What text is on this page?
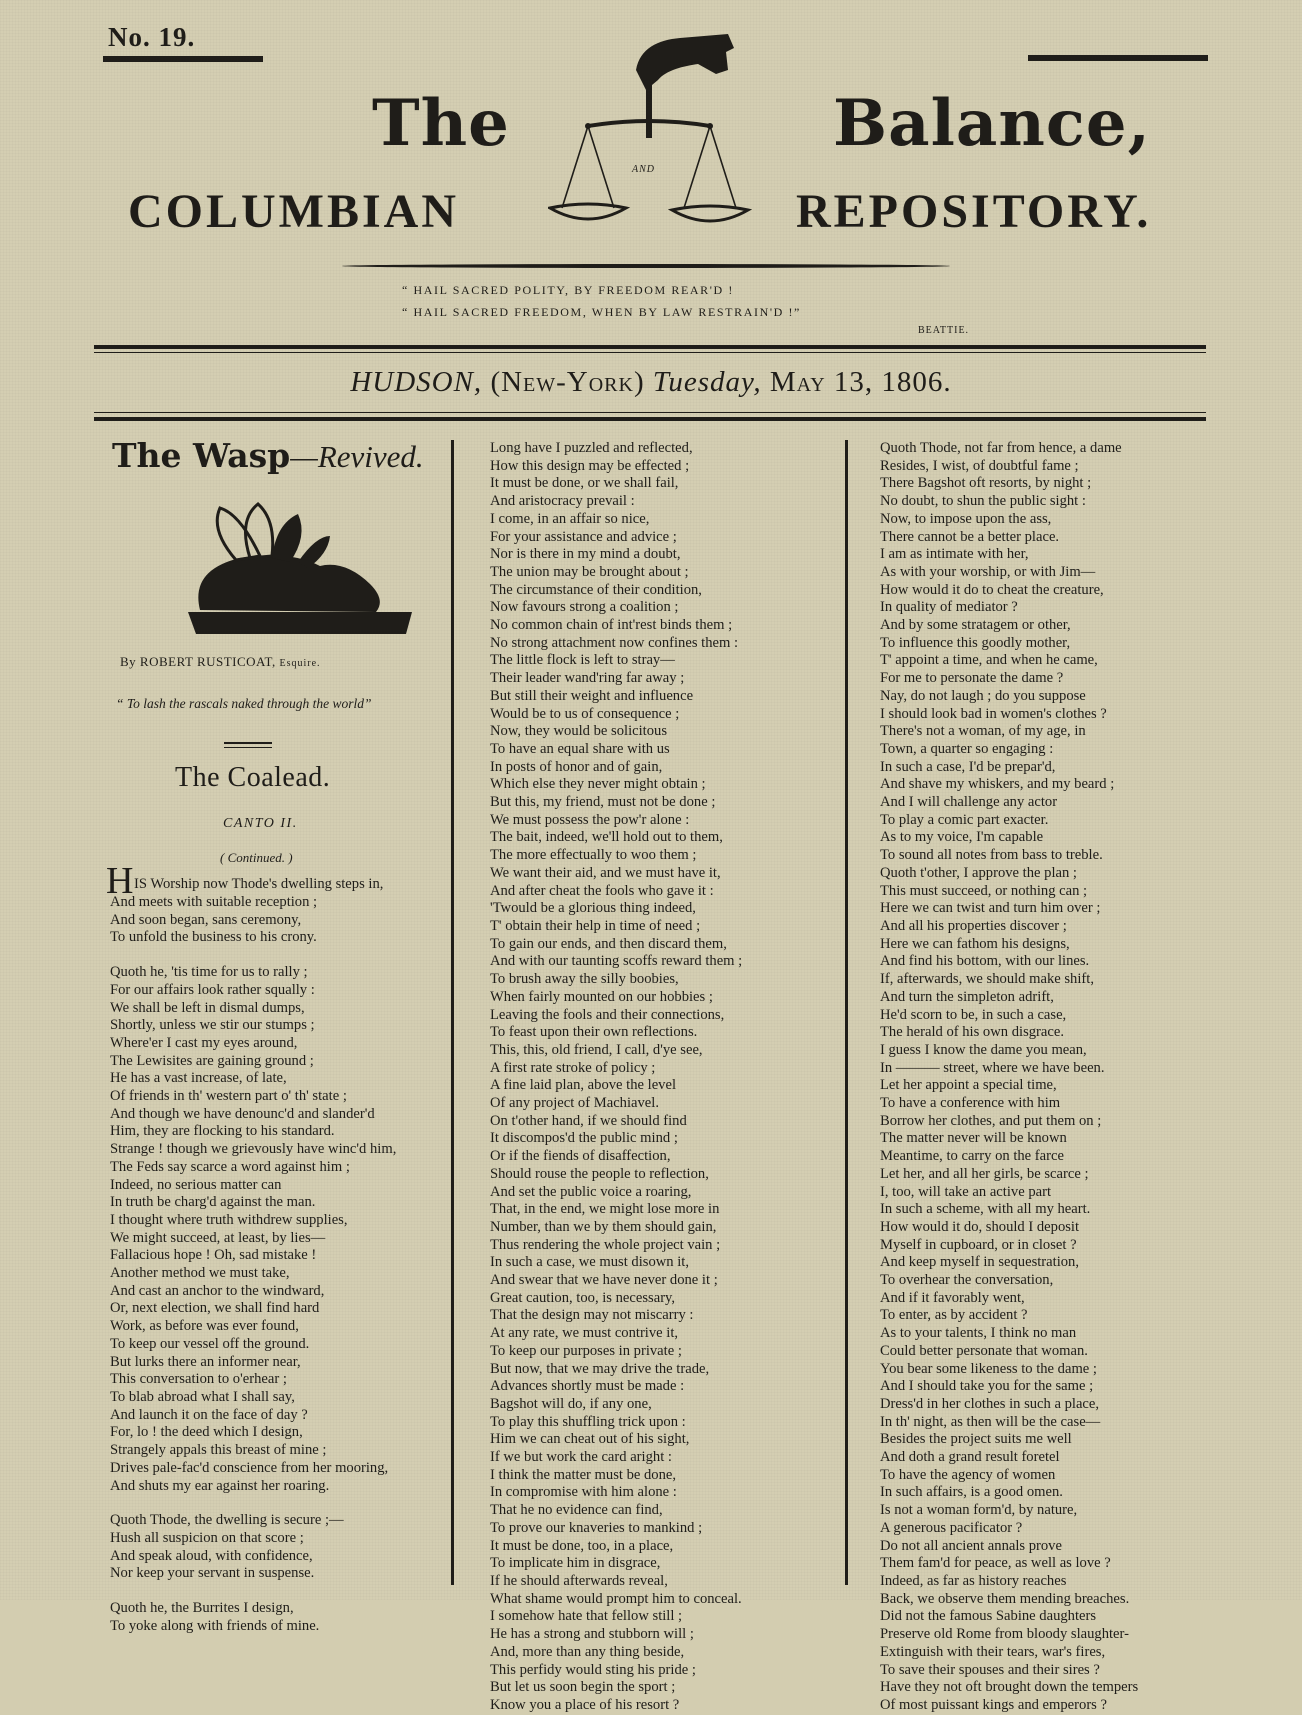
No. 19.
The	Balance,
COLUMBIAN	REPOSITORY.
AND
“ HAIL SACRED POLITY, BY FREEDOM REAR'D !
“ HAIL SACRED FREEDOM, WHEN BY LAW RESTRAIN'D !”
BEATTIE.
HUDSON, (New-York) Tuesday, May 13, 1806.
The Wasp—Revived.
By ROBERT RUSTICOAT, Esquire.
“ To lash the rascals naked through the world”
The Coalead.
CANTO II.
( Continued. )
H IS Worship now Thode's dwelling steps in,
And meets with suitable reception ;
And soon began, sans ceremony,
To unfold the business to his crony.
Quoth he, 'tis time for us to rally ;
For our affairs look rather squally :
We shall be left in dismal dumps,
Shortly, unless we stir our stumps ;
Where'er I cast my eyes around,
The Lewisites are gaining ground ;
He has a vast increase, of late,
Of friends in th' western part o' th' state ;
And though we have denounc'd and slander'd
Him, they are flocking to his standard.
Strange ! though we grievously have winc'd him,
The Feds say scarce a word against him ;
Indeed, no serious matter can
In truth be charg'd against the man.
I thought where truth withdrew supplies,
We might succeed, at least, by lies—
Fallacious hope ! Oh, sad mistake !
Another method we must take,
And cast an anchor to the windward,
Or, next election, we shall find hard
Work, as before was ever found,
To keep our vessel off the ground.
But lurks there an informer near,
This conversation to o'erhear ;
To blab abroad what I shall say,
And launch it on the face of day ?
For, lo ! the deed which I design,
Strangely appals this breast of mine ;
Drives pale-fac'd conscience from her mooring,
And shuts my ear against her roaring.
Quoth Thode, the dwelling is secure ;—
Hush all suspicion on that score ;
And speak aloud, with confidence,
Nor keep your servant in suspense.
Quoth he, the Burrites I design,
To yoke along with friends of mine.
Long have I puzzled and reflected,
How this design may be effected ;
It must be done, or we shall fail,
And aristocracy prevail :
I come, in an affair so nice,
For your assistance and advice ;
Nor is there in my mind a doubt,
The union may be brought about ;
The circumstance of their condition,
Now favours strong a coalition ;
No common chain of int'rest binds them ;
No strong attachment now confines them :
The little flock is left to stray—
Their leader wand'ring far away ;
But still their weight and influence
Would be to us of consequence ;
Now, they would be solicitous
To have an equal share with us
In posts of honor and of gain,
Which else they never might obtain ;
But this, my friend, must not be done ;
We must possess the pow'r alone :
The bait, indeed, we'll hold out to them,
The more effectually to woo them ;
We want their aid, and we must have it,
And after cheat the fools who gave it :
'Twould be a glorious thing indeed,
T' obtain their help in time of need ;
To gain our ends, and then discard them,
And with our taunting scoffs reward them ;
To brush away the silly boobies,
When fairly mounted on our hobbies ;
Leaving the fools and their connections,
To feast upon their own reflections.
This, this, old friend, I call, d'ye see,
A first rate stroke of policy ;
A fine laid plan, above the level
Of any project of Machiavel.
On t'other hand, if we should find
It discompos'd the public mind ;
Or if the fiends of disaffection,
Should rouse the people to reflection,
And set the public voice a roaring,
That, in the end, we might lose more in
Number, than we by them should gain,
Thus rendering the whole project vain ;
In such a case, we must disown it,
And swear that we have never done it ;
Great caution, too, is necessary,
That the design may not miscarry :
At any rate, we must contrive it,
To keep our purposes in private ;
But now, that we may drive the trade,
Advances shortly must be made :
Bagshot will do, if any one,
To play this shuffling trick upon :
Him we can cheat out of his sight,
If we but work the card aright :
I think the matter must be done,
In compromise with him alone :
That he no evidence can find,
To prove our knaveries to mankind ;
It must be done, too, in a place,
To implicate him in disgrace,
If he should afterwards reveal,
What shame would prompt him to conceal.
I somehow hate that fellow still ;
He has a strong and stubborn will ;
And, more than any thing beside,
This perfidy would sting his pride ;
But let us soon begin the sport ;
Know you a place of his resort ?
Quoth Thode, not far from hence, a dame
Resides, I wist, of doubtful fame ;
There Bagshot oft resorts, by night ;
No doubt, to shun the public sight :
Now, to impose upon the ass,
There cannot be a better place.
I am as intimate with her,
As with your worship, or with Jim—
How would it do to cheat the creature,
In quality of mediator ?
And by some stratagem or other,
To influence this goodly mother,
T' appoint a time, and when he came,
For me to personate the dame ?
Nay, do not laugh ; do you suppose
I should look bad in women's clothes ?
There's not a woman, of my age, in
Town, a quarter so engaging :
In such a case, I'd be prepar'd,
And shave my whiskers, and my beard ;
And I will challenge any actor
To play a comic part exacter.
As to my voice, I'm capable
To sound all notes from bass to treble.
Quoth t'other, I approve the plan ;
This must succeed, or nothing can ;
Here we can twist and turn him over ;
And all his properties discover ;
Here we can fathom his designs,
And find his bottom, with our lines.
If, afterwards, we should make shift,
And turn the simpleton adrift,
He'd scorn to be, in such a case,
The herald of his own disgrace.
I guess I know the dame you mean,
In ——— street, where we have been.
Let her appoint a special time,
To have a conference with him
Borrow her clothes, and put them on ;
The matter never will be known
Meantime, to carry on the farce
Let her, and all her girls, be scarce ;
I, too, will take an active part
In such a scheme, with all my heart.
How would it do, should I deposit
Myself in cupboard, or in closet ?
And keep myself in sequestration,
To overhear the conversation,
And if it favorably went,
To enter, as by accident ?
As to your talents, I think no man
Could better personate that woman.
You bear some likeness to the dame ;
And I should take you for the same ;
Dress'd in her clothes in such a place,
In th' night, as then will be the case—
Besides the project suits me well
And doth a grand result foretel
To have the agency of women
In such affairs, is a good omen.
Is not a woman form'd, by nature,
A generous pacificator ?
Do not all ancient annals prove
Them fam'd for peace, as well as love ?
Indeed, as far as history reaches
Back, we observe them mending breaches.
Did not the famous Sabine daughters
Preserve old Rome from bloody slaughter-
Extinguish with their tears, war's fires,
To save their spouses and their sires ?
Have they not oft brought down the tempers
Of most puissant kings and emperors ?
